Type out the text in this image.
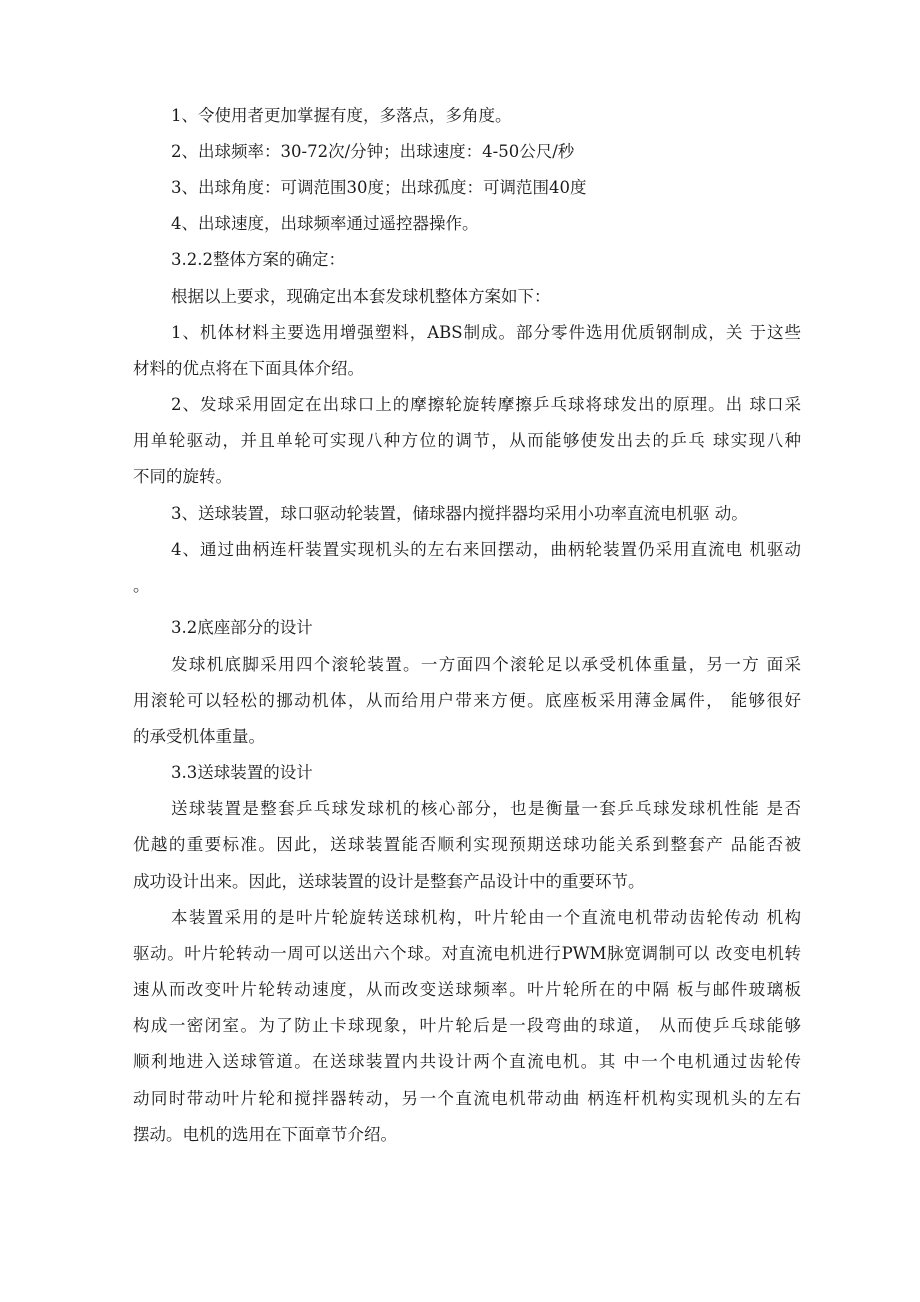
1、令使用者更加掌握有度，多落点，多角度。
2、出球频率：30-72次/分钟；出球速度：4-50公尺/秒
3、出球角度：可调范围30度；出球孤度：可调范围40度
4、出球速度，出球频率通过遥控器操作。
3.2.2整体方案的确定：
根据以上要求，现确定出本套发球机整体方案如下：
1、机体材料主要选用增强塑料，ABS制成。部分零件选用优质钢制成，关 于这些
材料的优点将在下面具体介绍。
2、发球采用固定在出球口上的摩擦轮旋转摩擦乒乓球将球发出的原理。出 球口采
用单轮驱动，并且单轮可实现八种方位的调节，从而能够使发出去的乒乓 球实现八种
不同的旋转。
3、送球装置，球口驱动轮装置，储球器内搅拌器均采用小功率直流电机驱 动。
4、通过曲柄连杆装置实现机头的左右来回摆动，曲柄轮装置仍采用直流电 机驱动
。
3.2底座部分的设计
发球机底脚采用四个滚轮装置。一方面四个滚轮足以承受机体重量，另一方 面采
用滚轮可以轻松的挪动机体，从而给用户带来方便。底座板采用薄金属件， 能够很好
的承受机体重量。
3.3送球装置的设计
送球装置是整套乒乓球发球机的核心部分，也是衡量一套乒乓球发球机性能 是否
优越的重要标准。因此，送球装置能否顺利实现预期送球功能关系到整套产 品能否被
成功设计出来。因此，送球装置的设计是整套产品设计中的重要环节。
本装置采用的是叶片轮旋转送球机构，叶片轮由一个直流电机带动齿轮传动 机构
驱动。叶片轮转动一周可以送出六个球。对直流电机进行PWM脉宽调制可以 改变电机转
速从而改变叶片轮转动速度，从而改变送球频率。叶片轮所在的中隔 板与邮件玻璃板
构成一密闭室。为了防止卡球现象，叶片轮后是一段弯曲的球道， 从而使乒乓球能够
顺利地进入送球管道。在送球装置内共设计两个直流电机。其 中一个电机通过齿轮传
动同时带动叶片轮和搅拌器转动，另一个直流电机带动曲 柄连杆机构实现机头的左右
摆动。电机的选用在下面章节介绍。
